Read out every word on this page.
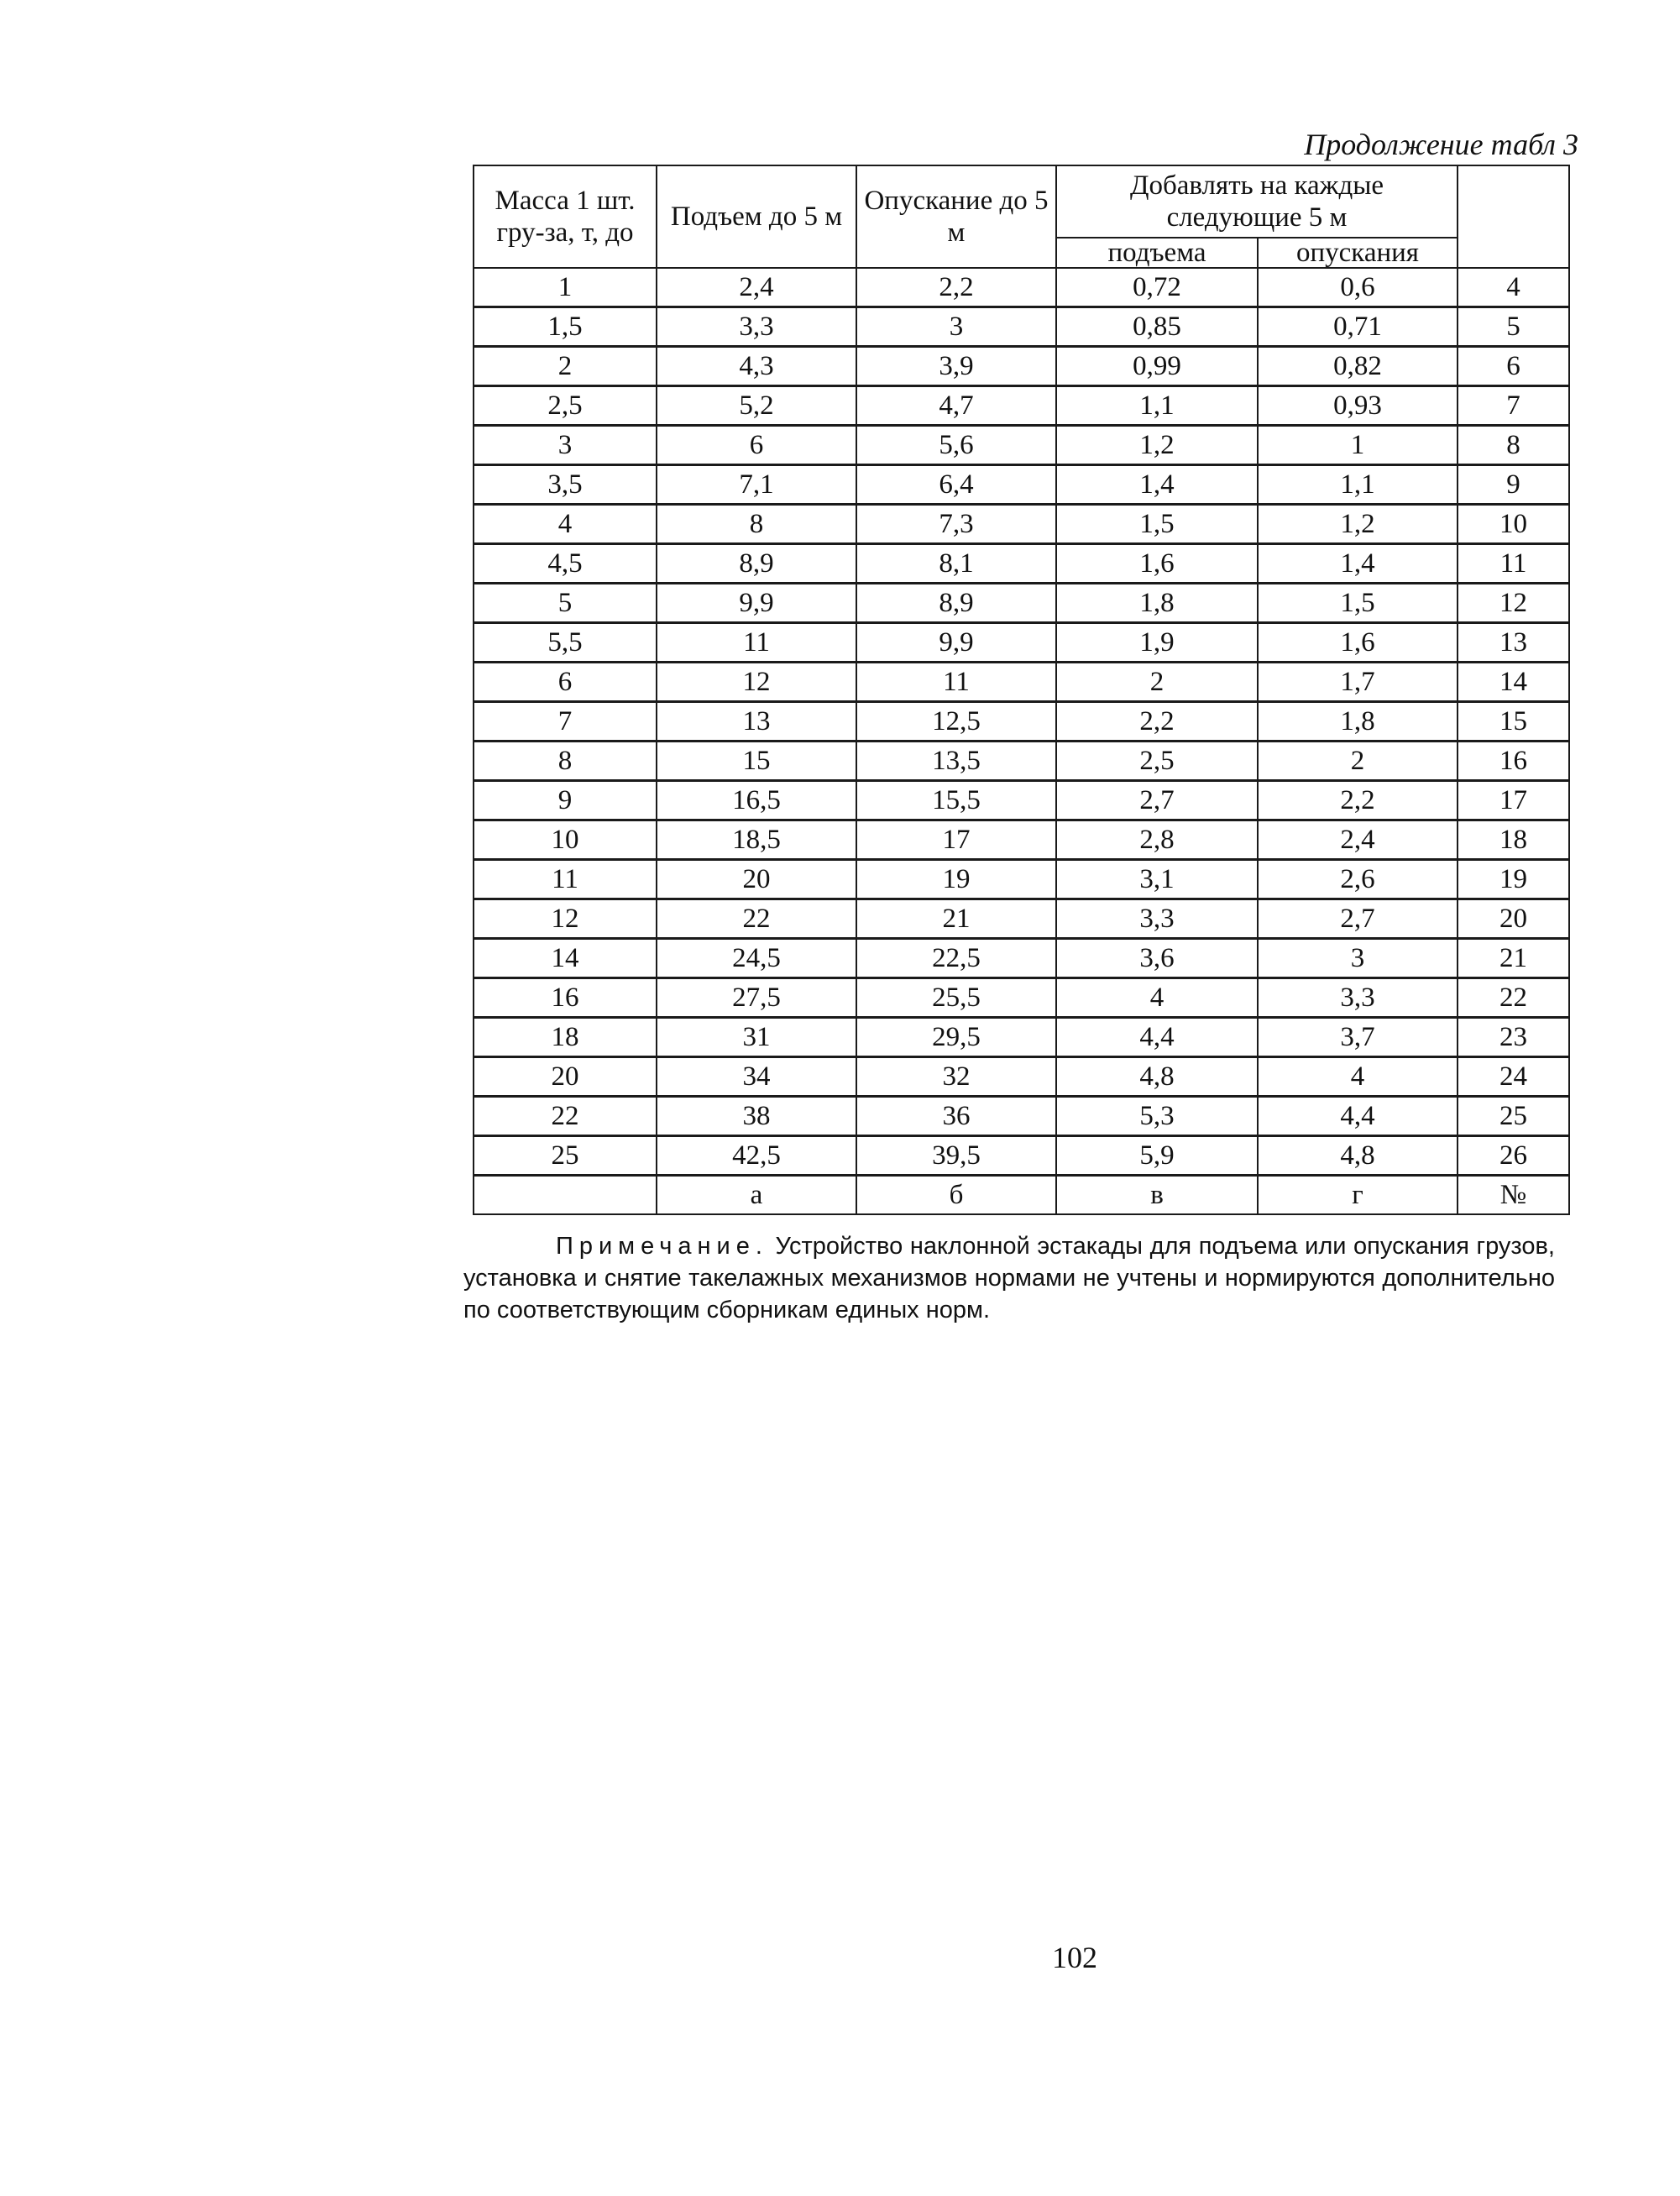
Продолжение табл 3
Масса 1 шт. гру-за, т, до	Подъем до 5 м	Опускание до 5 м	Добавлять на каждые следующие 5 м		
			подъема	опускания	
1	2,4	2,2	0,72	0,6	4
1,5	3,3	3	0,85	0,71	5
2	4,3	3,9	0,99	0,82	6
2,5	5,2	4,7	1,1	0,93	7
3	6	5,6	1,2	1	8
3,5	7,1	6,4	1,4	1,1	9
4	8	7,3	1,5	1,2	10
4,5	8,9	8,1	1,6	1,4	11
5	9,9	8,9	1,8	1,5	12
5,5	11	9,9	1,9	1,6	13
6	12	11	2	1,7	14
7	13	12,5	2,2	1,8	15
8	15	13,5	2,5	2	16
9	16,5	15,5	2,7	2,2	17
10	18,5	17	2,8	2,4	18
11	20	19	3,1	2,6	19
12	22	21	3,3	2,7	20
14	24,5	22,5	3,6	3	21
16	27,5	25,5	4	3,3	22
18	31	29,5	4,4	3,7	23
20	34	32	4,8	4	24
22	38	36	5,3	4,4	25
25	42,5	39,5	5,9	4,8	26
	а	б	в	г	№
Примечание. Устройство наклонной эстакады для подъема или опускания грузов, установка и снятие такелажных механизмов нормами не учтены и нормируются дополнительно по соответствующим сборникам единых норм.
102
